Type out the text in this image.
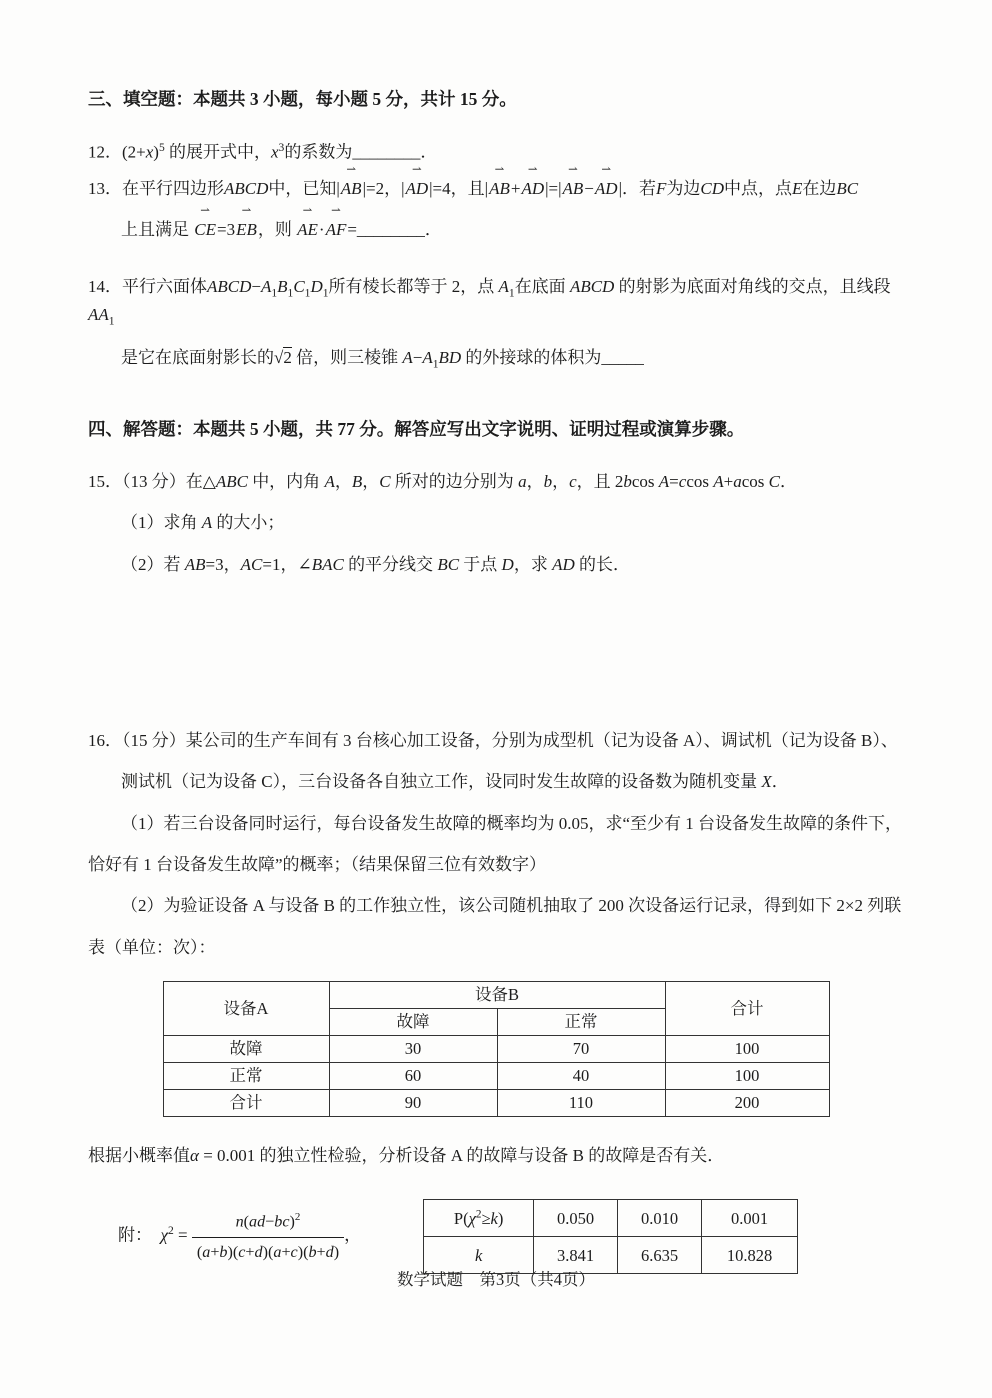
三、填空题：本题共 3 小题，每小题 5 分，共计 15 分。
12．$(2+x)^5$ 的展开式中，$x^3$的系数为________．
13．在平行四边形ABCD中，已知|AB ⇀|=2，|AD ⇀|=4，且|AB ⇀+AD ⇀|=|AB ⇀−AD ⇀|．若F为边CD中点，点E在边BC
上且满足 CE ⇀=3EB ⇀，则 AE ⇀·AF ⇀=________．
14．平行六面体$ABCD-A_1B_1C_1D_1$所有棱长都等于 2，点 $A_1$在底面 ABCD 的射影为底面对角线的交点，且线段 $AA_1$
是它在底面射影长的√2 倍，则三棱锥 $A-A_1BD$ 的外接球的体积为_____
四、解答题：本题共 5 小题，共 77 分。解答应写出文字说明、证明过程或演算步骤。
15．（13 分）在△ABC 中，内角 A，B，C 所对的边分别为 a，b，c，且 2bcos A=ccos A+acos C．
（1）求角 A 的大小；
（2）若 AB=3，AC=1，∠BAC 的平分线交 BC 于点 D，求 AD 的长．
16．（15 分）某公司的生产车间有 3 台核心加工设备，分别为成型机（记为设备 A）、调试机（记为设备 B）、
测试机（记为设备 C），三台设备各自独立工作，设同时发生故障的设备数为随机变量 X．
（1）若三台设备同时运行，每台设备发生故障的概率均为 0.05，求“至少有 1 台设备发生故障的条件下，
恰好有 1 台设备发生故障”的概率；（结果保留三位有效数字）
（2）为验证设备 A 与设备 B 的工作独立性，该公司随机抽取了 200 次设备运行记录，得到如下 2×2 列联
表（单位：次）：
设备A	设备B		合计
	故障	正常	
故障	30	70	100
正常	60	40	100
合计	90	110	200
根据小概率值α = 0.001 的独立性检验，分析设备 A 的故障与设备 B 的故障是否有关．
附：　$\chi^2 = \frac{n(ad-bc)^2}{(a+b)(c+d)(a+c)(b+d)}$ ，
$P(\chi^2\ge k)$	0.050	0.010	0.001
k	3.841	6.635	10.828
数学试题　第3页（共4页）
